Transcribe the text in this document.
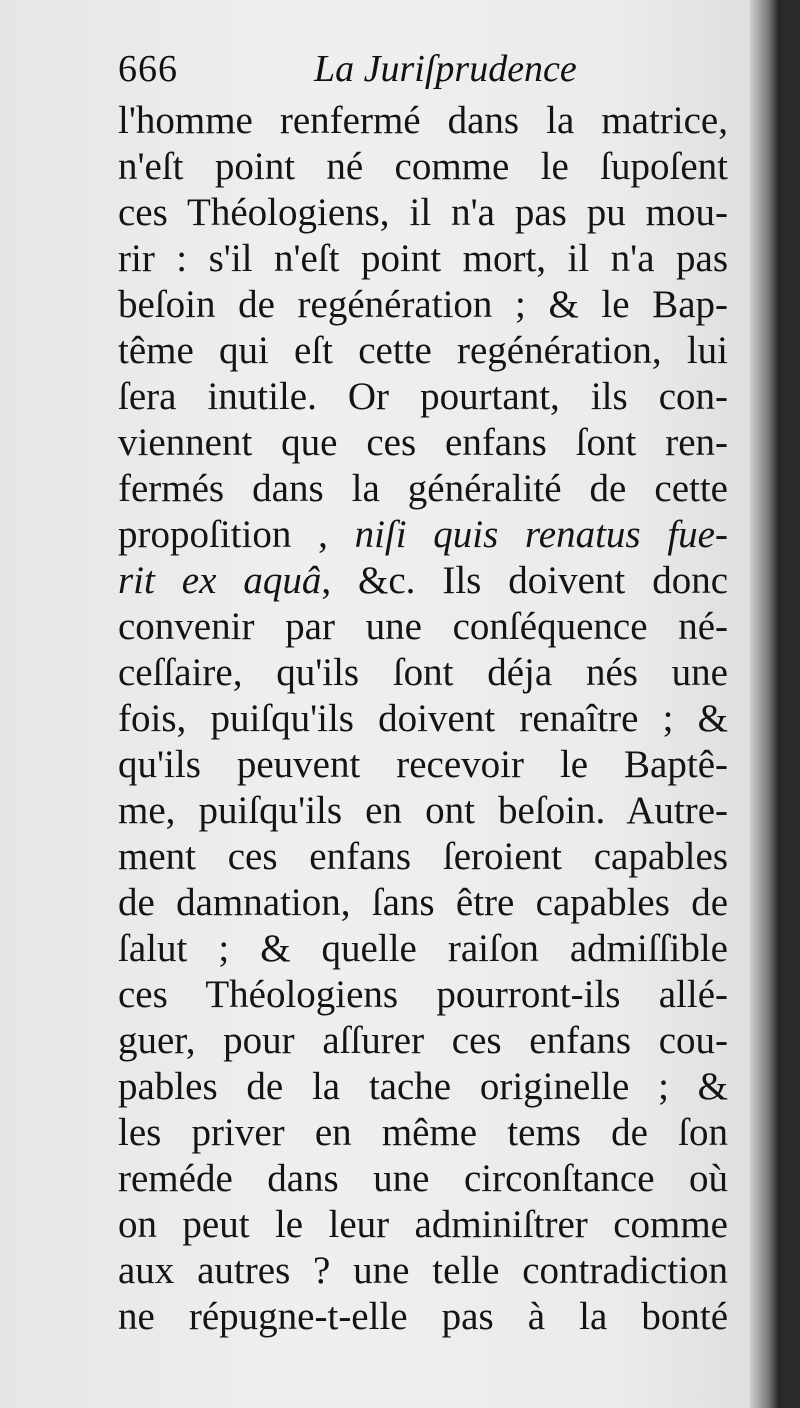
666	La Juriſprudence
l'homme renfermé dans la matrice,
n'eſt point né comme le ſupoſent
ces Théologiens, il n'a pas pu mou-
rir : s'il n'eſt point mort, il n'a pas
beſoin de regénération ; & le Bap-
tême qui eſt cette regénération, lui
ſera inutile. Or pourtant, ils con-
viennent que ces enfans ſont ren-
fermés dans la généralité de cette
propoſition , niſi quis renatus fue-
rit ex aquâ, &c. Ils doivent donc
convenir par une conſéquence né-
ceſſaire, qu'ils ſont déja nés une
fois, puiſqu'ils doivent renaître ; &
qu'ils peuvent recevoir le Baptê-
me, puiſqu'ils en ont beſoin. Autre-
ment ces enfans ſeroient capables
de damnation, ſans être capables de
ſalut ; & quelle raiſon admiſſible
ces Théologiens pourront-ils allé-
guer, pour aſſurer ces enfans cou-
pables de la tache originelle ; &
les priver en même tems de ſon
reméde dans une circonſtance où
on peut le leur adminiſtrer comme
aux autres ? une telle contradiction
ne répugne-t-elle pas à la bonté
